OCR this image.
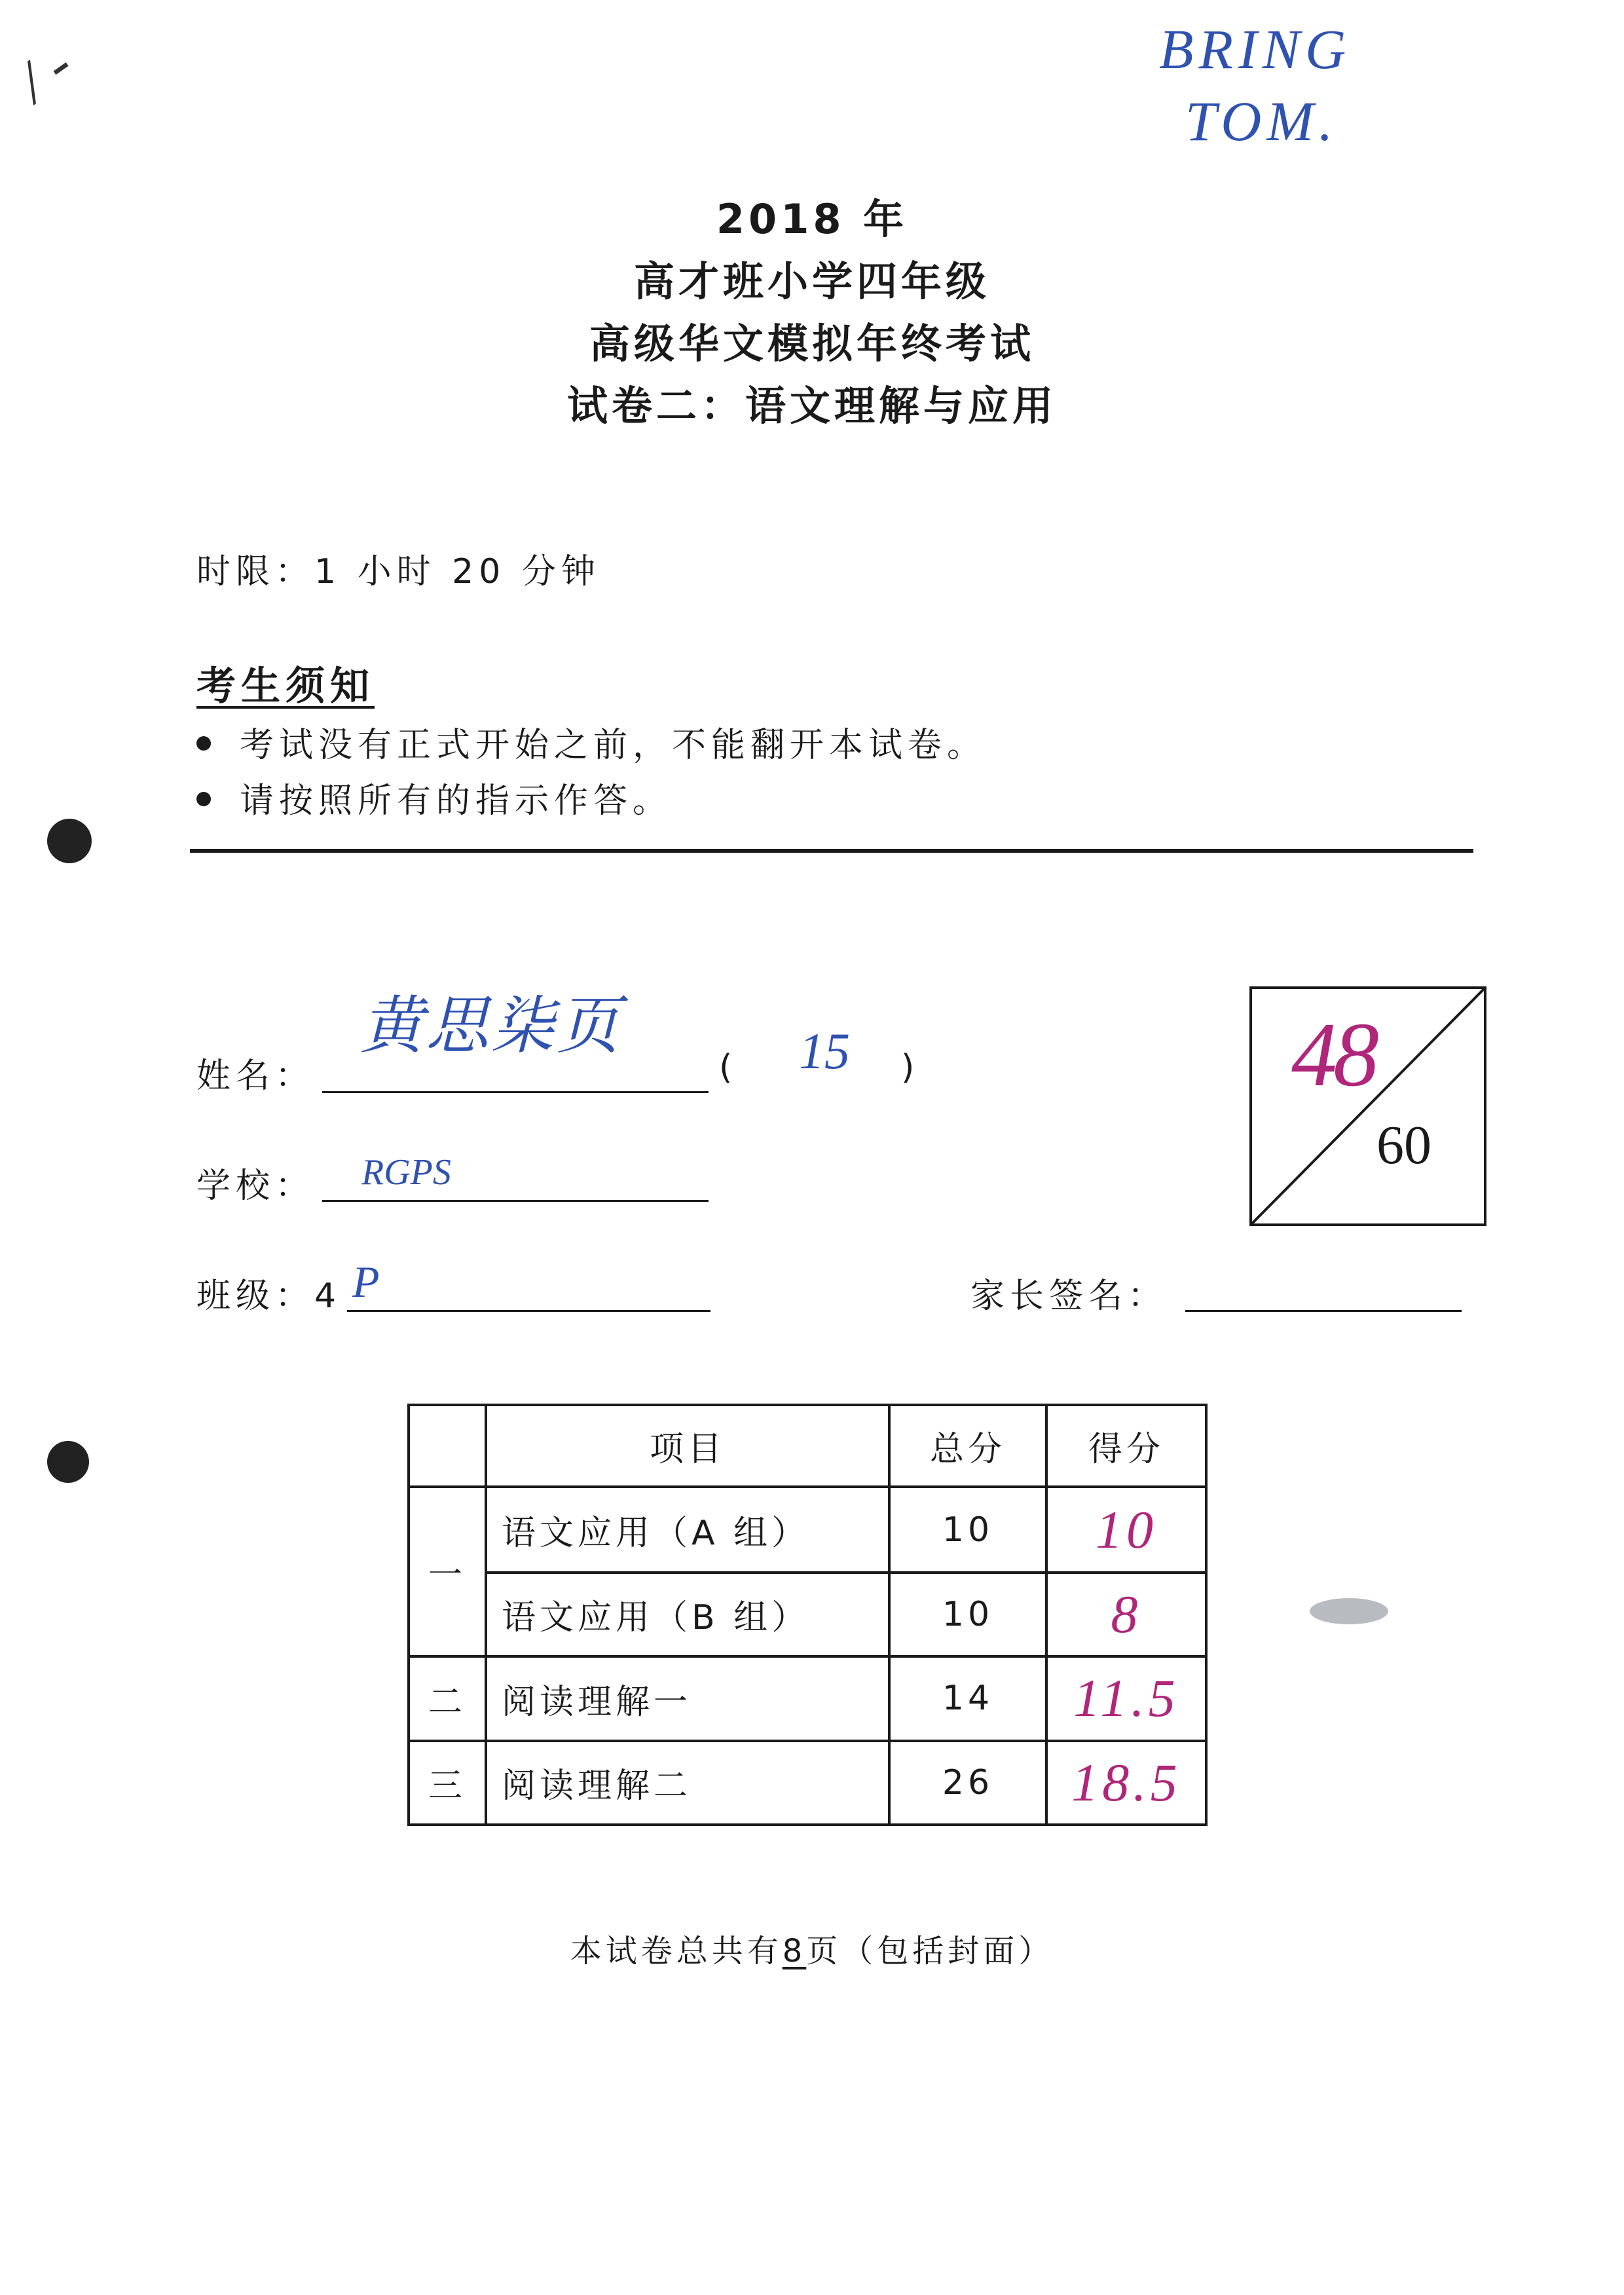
/ -	BRING
TOM.
2018 年
高才班小学四年级
高级华文模拟年终考试
试卷二：语文理解与应用
时限：1 小时 20 分钟
考生须知
考试没有正式开始之前，不能翻开本试卷。
请按照所有的指示作答。
姓名：
黄思柒页
( 15 )
学校： RGPS
班级：4 P	家长签名：
48
60
	项目	总分	得分
一	语文应用（A 组）	10	10
	语文应用（B 组）	10	8
二	阅读理解一	14	11.5
三	阅读理解二	26	18.5
本试卷总共有8页（包括封面）
